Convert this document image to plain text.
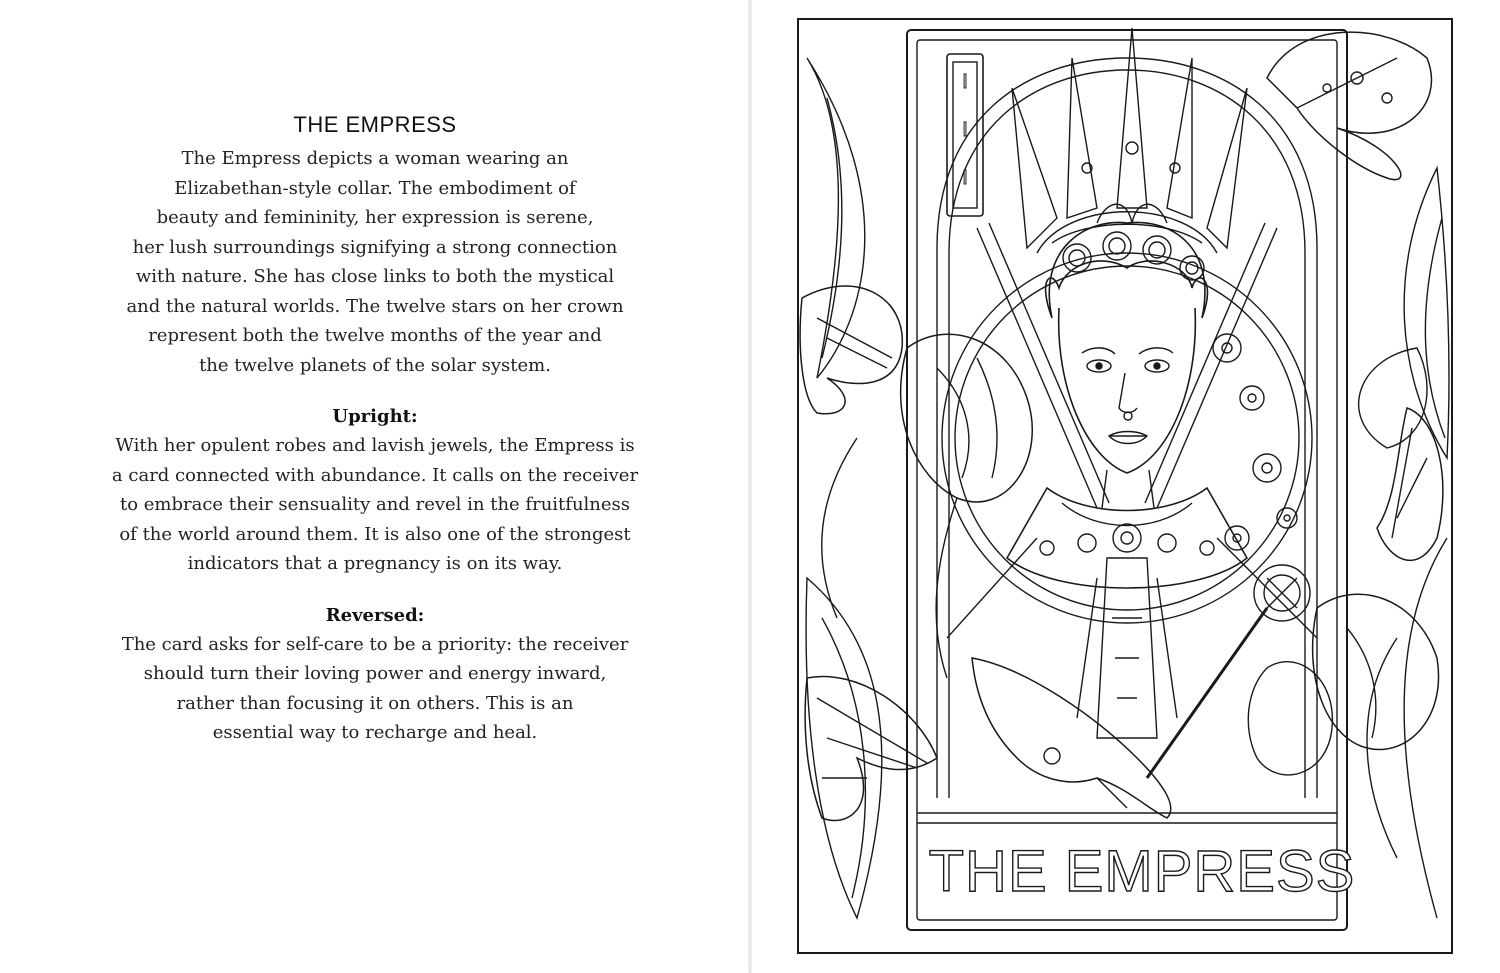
THE EMPRESS

The Empress depicts a woman wearing an
Elizabethan-style collar. The embodiment of
beauty and femininity, her expression is serene,
her lush surroundings signifying a strong connection
with nature. She has close links to both the mystical
and the natural worlds. The twelve stars on her crown
represent both the twelve months of the year and
the twelve planets of the solar system.

Upright:

With her opulent robes and lavish jewels, the Empress is
a card connected with abundance. It calls on the receiver
to embrace their sensuality and revel in the fruitfulness
of the world around them. It is also one of the strongest
indicators that a pregnancy is on its way.

Reversed:

The card asks for self-care to be a priority: the receiver
should turn their loving power and energy inward,
rather than focusing it on others. This is an
essential way to recharge and heal.

I
I
I
THE EMPRESS
